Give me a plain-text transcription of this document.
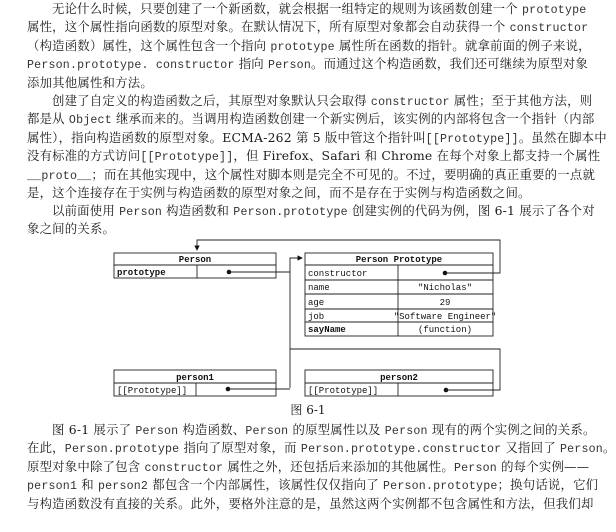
无论什么时候，只要创建了一个新函数，就会根据一组特定的规则为该函数创建一个 prototype
属性，这个属性指向函数的原型对象。在默认情况下，所有原型对象都会自动获得一个 constructor
（构造函数）属性，这个属性包含一个指向 prototype 属性所在函数的指针。就拿前面的例子来说，
Person.prototype. constructor 指向 Person。而通过这个构造函数，我们还可继续为原型对象
添加其他属性和方法。
创建了自定义的构造函数之后，其原型对象默认只会取得 constructor 属性；至于其他方法，则
都是从 Object 继承而来的。当调用构造函数创建一个新实例后，该实例的内部将包含一个指针（内部
属性），指向构造函数的原型对象。ECMA-262 第 5 版中管这个指针叫[[Prototype]]。虽然在脚本中
没有标准的方式访问[[Prototype]]，但 Firefox、Safari 和 Chrome 在每个对象上都支持一个属性
__proto__；而在其他实现中，这个属性对脚本则是完全不可见的。不过，要明确的真正重要的一点就
是，这个连接存在于实例与构造函数的原型对象之间，而不是存在于实例与构造函数之间。
以前面使用 Person 构造函数和 Person.prototype 创建实例的代码为例，图 6-1 展示了各个对
象之间的关系。
图 6-1 展示了 Person 构造函数、Person 的原型属性以及 Person 现有的两个实例之间的关系。
在此，Person.prototype 指向了原型对象，而 Person.prototype.constructor 又指回了 Person。
原型对象中除了包含 constructor 属性之外，还包括后来添加的其他属性。Person 的每个实例——
person1 和 person2 都包含一个内部属性，该属性仅仅指向了 Person.prototype；换句话说，它们
与构造函数没有直接的关系。此外，要格外注意的是，虽然这两个实例都不包含属性和方法，但我们却
Person
prototype
Person Prototype
constructor
name	"Nicholas"
age	29
job	"Software Engineer"
sayName	(function)
person1
[[Prototype]]
person2
[[Prototype]]
图 6-1
